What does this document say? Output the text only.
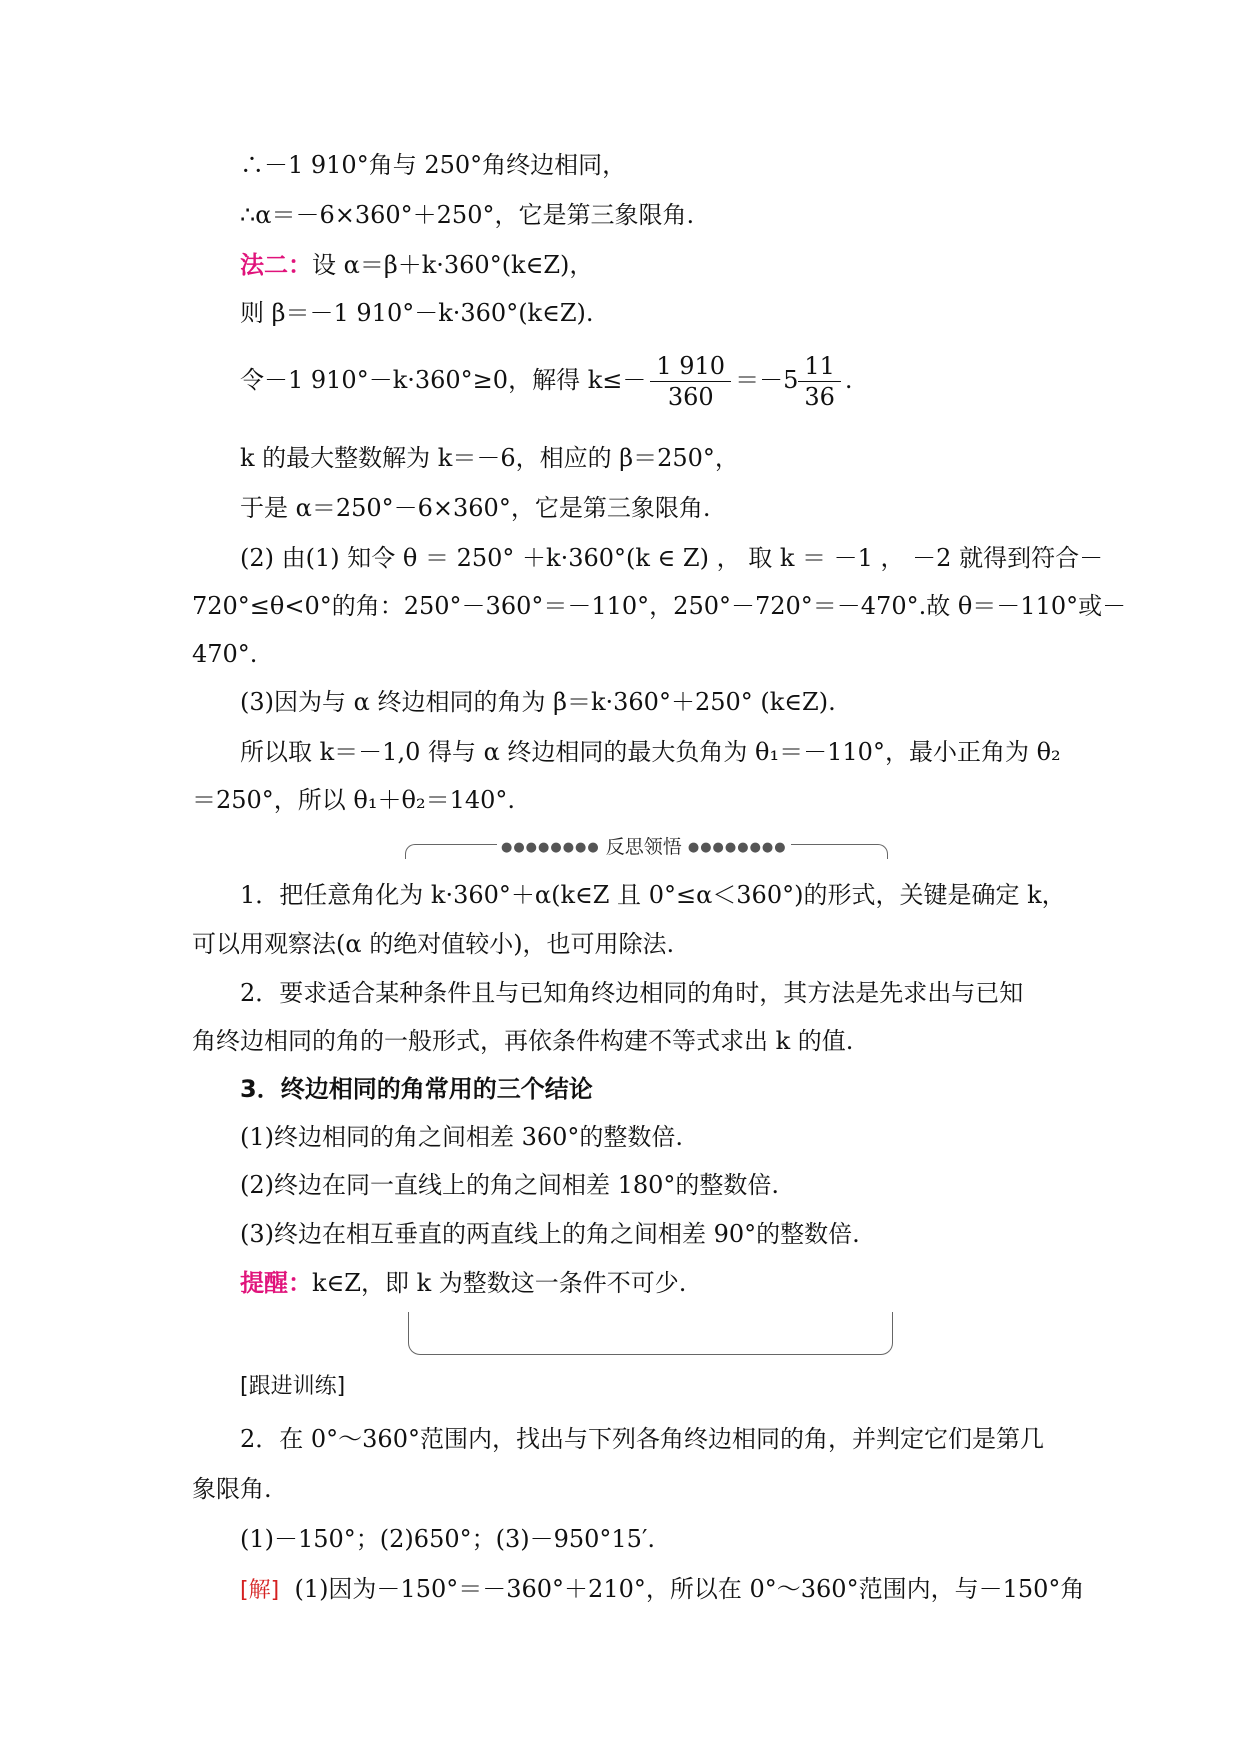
∴－1 910°角与 250°角终边相同，
∴α＝－6×360°＋250°，它是第三象限角.
法二：设 α＝β＋k·360°(k∈Z)，
则 β＝－1 910°－k·360°(k∈Z).
令－1 910°－k·360°≥0，解得 $k\le- \frac{1 910}{360} =-5 \frac{11}{36}$ .
k 的最大整数解为 k＝－6，相应的 β＝250°，
于是 α＝250°－6×360°，它是第三象限角.
(2) 由(1) 知令 θ ＝ 250° ＋k·360°(k ∈ Z) ， 取 k ＝ －1 ， －2 就得到符合－
720°≤θ<0°的角：250°－360°＝－110°，250°－720°＝－470°.故 θ＝－110°或－
470°.
(3)因为与 α 终边相同的角为 β＝k·360°＋250° (k∈Z).
所以取 k＝－1,0 得与 α 终边相同的最大负角为 θ₁＝－110°，最小正角为 θ₂
＝250°，所以 θ₁＋θ₂＝140°.
●●●●●●●● 反思领悟 ●●●●●●●●
1．把任意角化为 k·360°＋α(k∈Z 且 0°≤α＜360°)的形式，关键是确定 k，
可以用观察法(α 的绝对值较小)，也可用除法.
2．要求适合某种条件且与已知角终边相同的角时，其方法是先求出与已知
角终边相同的角的一般形式，再依条件构建不等式求出 k 的值.
3．终边相同的角常用的三个结论
(1)终边相同的角之间相差 360°的整数倍.
(2)终边在同一直线上的角之间相差 180°的整数倍.
(3)终边在相互垂直的两直线上的角之间相差 90°的整数倍.
提醒：k∈Z，即 k 为整数这一条件不可少.
[跟进训练]
2．在 0°～360°范围内，找出与下列各角终边相同的角，并判定它们是第几
象限角.
(1)－150°；(2)650°；(3)－950°15′.
[解] (1)因为－150°＝－360°＋210°，所以在 0°～360°范围内，与－150°角
